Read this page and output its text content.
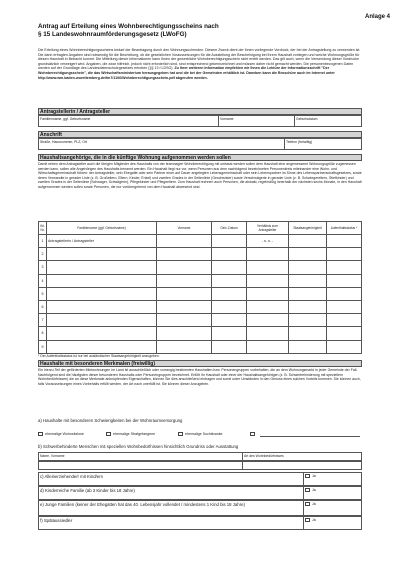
Anlage 4
Antrag auf Erteilung eines Wohnberechtigungsscheins nach
§ 15 Landeswohnraumförderungsgesetz (LWoFG)
Die Erteilung eines Wohnberechtigungsscheins bedarf der Beantragung durch den Wohnungsuchenden. Diesem Zweck dient der Ihnen vorliegende Vordruck, der bei der Antragstellung zu verwenden ist. Die darin erfragten Angaben sind notwendig für die Beurteilung, ob die gesetzlichen Voraussetzungen für die Ausstellung der Bescheinigung bei Ihrem Haushalt vorliegen und welche Wohnungsgröße für diesen Haushalt in Betracht kommt. Die Mitteilung dieser Informationen kann Ihnen der gewerbliche Wohnberechtigungsschein nicht erteilt werden. Das gilt auch, wenn die Verwendung dieser Vordrucke grundsätzlich verweigert wird. Angaben, die zwar hilfreich, jedoch nicht erforderlich sind, sind entsprechend gekennzeichnet und müssen daher nicht gemacht werden. Die personenbezogenen Daten werden auf der Grundlage des Landesdatenschutzgesetzes erhoben (§§ 13 f LDSG). Zu Ihrer weiteren Information empfehlen wir Ihnen die Lektüre der Informationsschrift "Der Wohnberechtigungsschein", die das Wirtschaftsministerium herausgegeben hat und die bei der Gemeinden erhältlich ist. Daneben kann die Broschüre auch im Internet unter http://www.wm.baden-wuerttemberg.de/fm7/1106/Wohnberechtigungsschein.pdf abgerufen werden.
Antragstellerin / Antragsteller
Familienname, ggf. Geburtsname	Vorname	Geburtsdatum
Anschrift
Straße, Hausnummer, PLZ, Ort	Telefon (freiwillig)
Haushaltsangehörige, die in die künftige Wohnung aufgenommen werden sollen
Damit neben dem Antragsteller auch die übrigen Mitglieder des Haushalts von der teamnagerl Wohnberechtigung mit umfasst werden sollen dem Haushalt eine angemessene Wohnungsgröße zugemessen werden kann, sollen alle Angehörigen des Haushalts benannt werden. Ein Haushalt liegt nur vor, wenn Personen aus dem nachfolgend bezeichneten Personenkreis miteinander eine Wohn- und Wirtschaftsgemeinschaft führen: der Antragsteller, sein Ehegatte oder sein Partner einer auf Dauer angelegten Lebensgemeinschaft oder sein Lebenspartner im Sinne des Lebenspartnerschaftsgesetzes, sowie deren Verwandte in gerader Linie (z. B. Großeltern, Eltern, Kinder, Enkel) und zweiten Grades in der Seitenlinie (Geschwister) sowie Verschwägerte in gerader Linie (z. B. Schwiegereltern, Stiefkinder) und zweiten Grades in der Seitenlinie (Schwager, Schwägerin), Pflegekinder und Pflegeeltern. Zum Haushalt rechnen auch Personen, die alsbald, regelmäßig innerhalb der nächsten sechs Monate, in den Haushalt aufgenommen werden sollen sowie Personen, die nur vorübergehend von dem Haushalt abwesend sind.
lfd. Nr.	Familienname (ggf. Geburtsname)	Vorname	Geb.-Datum	Verhältnis zum Antragsteller	Staatsangehörigkeit	Aufenthaltsstatus *
1	Antragstellerin / Antragsteller			- s. o. -		
2						
3						
4						
5						
6						
7						
8						
9						
* Der Aufenthaltsstatus ist nur bei ausländischer Staatsangehörigkeit anzugeben.
Haushalte mit besonderen Merkmalen (freiwillig)
Ein hierzu Teil der geförderten Mietwohnungen im Land ist ausschließlich oder vorrangig bestimmten Haushalten bzw. Personengruppen vorbehalten, die an dem Wohnungsmarkt in jeder Gemeinde der Fall. Nachfolgend sind die häufigsten dieser besonderen Haushalts oder Personengruppen bezeichnet. Erfüllt Ihr Haushalt oder einer der Haushaltsangehörigen (z. B. Schwerbehinderung mit speziellem Wohnbedürfnissen) die an diese Merkmale anknüpfenden Eigenschaften, können Sie dies anschließend eintragen und somit unter Umständen in den Genuss eines solchen Vorteils kommen. Sie können auch, falls Voraussetzungen eines Vorbehalts erfüllt werden, der Art nach unerfüllt ist. Sie können dieser Anzugeben.
a) Haushalte mit besonderen Schwierigkeiten bei der Wohnraumversorgung
ehemalige Wohnsitzlose	ehemalige Strafgefangene	ehemalige Suchtkranke
b) Schwerbehinderte Menschen mit speziellen Wohnbedürfnissen hinsichtlich Grundriss oder Ausstattung
Name, Vorname	Art des Wohnbedürfnisses
c) Alleinerziehende/r mit Kind/ern	Ja
d) Kinderreiche Familie (ab 3 Kinder bis 18 Jahre)	Ja
e) Junge Familien (keiner der Ehegatten hat das 40. Lebensjahr vollendet / mindestens 1 Kind bis 18 Jahre)	Ja
f) Spätaussiedler	Ja
